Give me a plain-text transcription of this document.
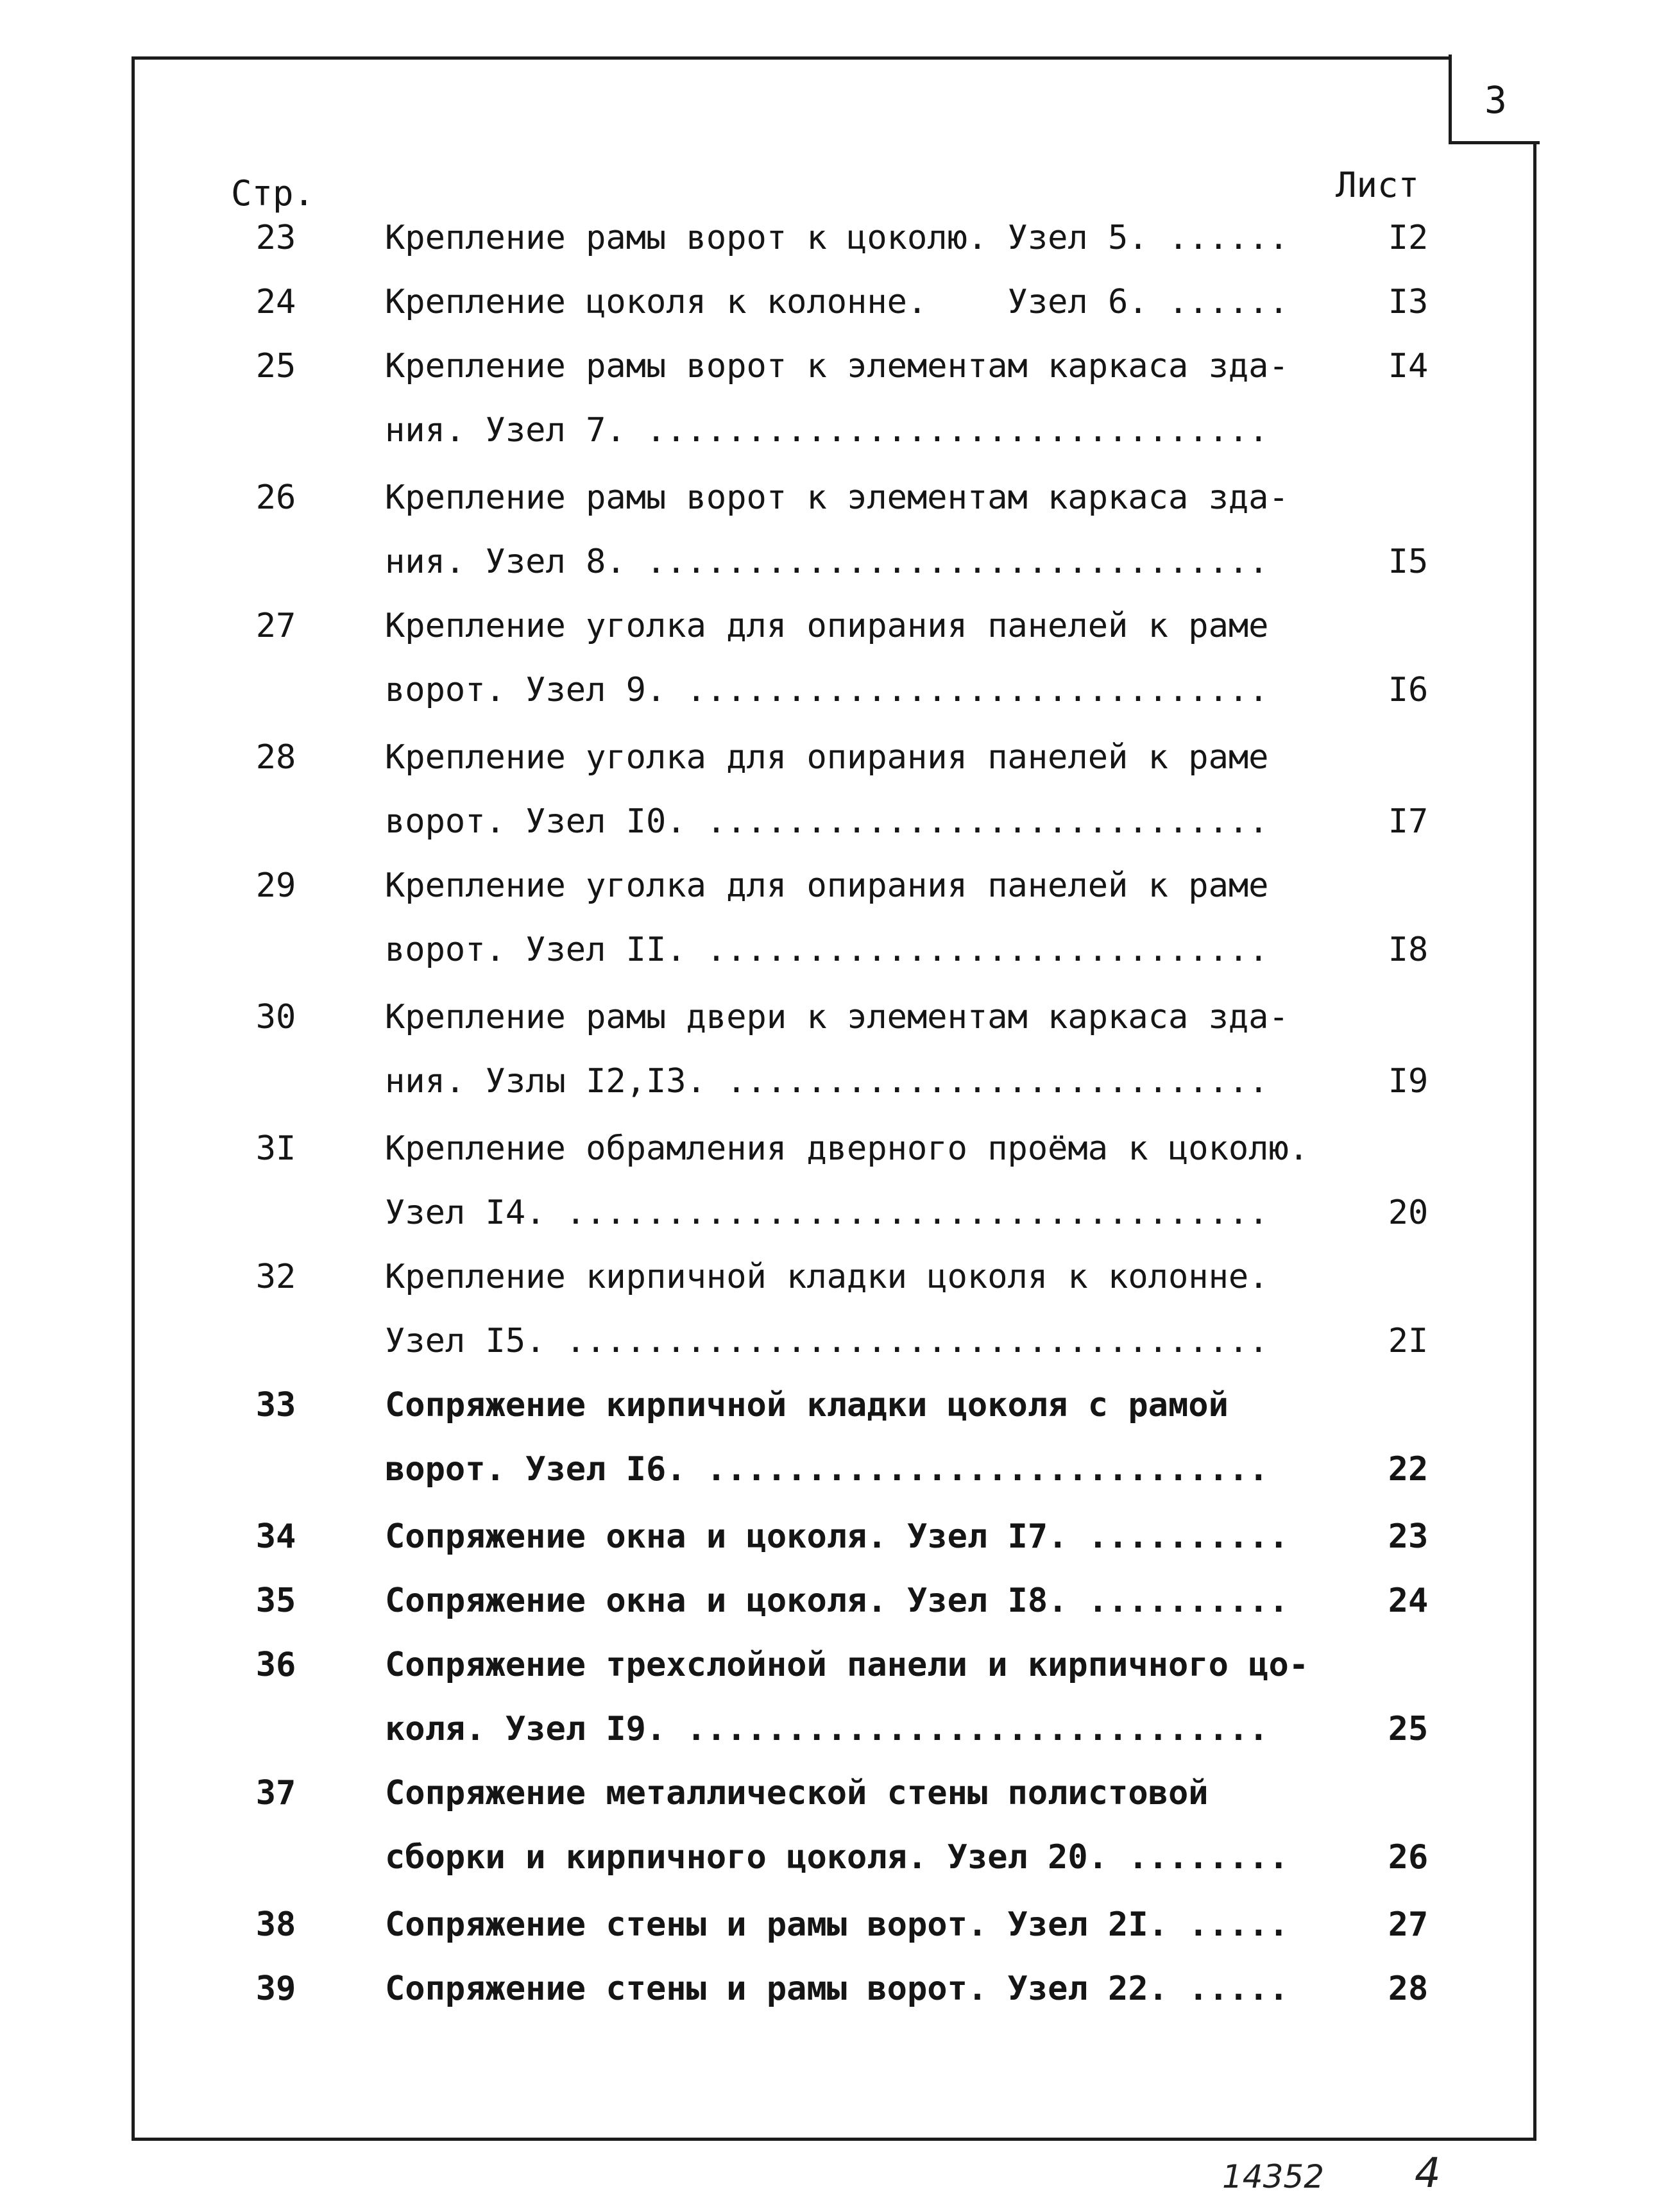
3
Стр.	Лист
23	Крепление рамы ворот к цоколю. Узел 5. ......	I2
24	Крепление цоколя к колонне.    Узел 6. ......	I3
25	Крепление рамы ворот к элементам каркаса зда-	I4
ния. Узел 7. ...............................
26	Крепление рамы ворот к элементам каркаса зда-
ния. Узел 8. ...............................	I5
27	Крепление уголка для опирания панелей к раме
ворот. Узел 9. .............................	I6
28	Крепление уголка для опирания панелей к раме
ворот. Узел I0. ............................	I7
29	Крепление уголка для опирания панелей к раме
ворот. Узел II. ............................	I8
30	Крепление рамы двери к элементам каркаса зда-
ния. Узлы I2,I3. ...........................	I9
3I	Крепление обрамления дверного проёма к цоколю.
Узел I4. ...................................	20
32	Крепление кирпичной кладки цоколя к колонне.
Узел I5. ...................................	2I
33	Сопряжение кирпичной кладки цоколя с рамой
ворот. Узел I6. ............................	22
34	Сопряжение окна и цоколя. Узел I7. ..........	23
35	Сопряжение окна и цоколя. Узел I8. ..........	24
36	Сопряжение трехслойной панели и кирпичного цо-
коля. Узел I9. .............................	25
37	Сопряжение металлической стены полистовой
сборки и кирпичного цоколя. Узел 20. ........	26
38	Сопряжение стены и рамы ворот. Узел 2I. .....	27
39	Сопряжение стены и рамы ворот. Узел 22. .....	28
14352 4
